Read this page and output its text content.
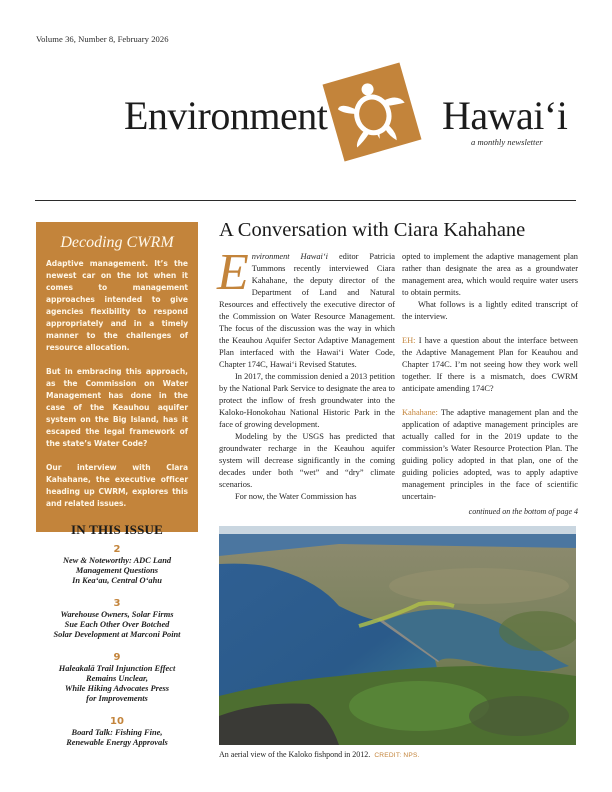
Volume 36, Number 8, February 2026
Environment	Hawaiʻi
a monthly newsletter
Decoding CWRM

Adaptive management. It’s the newest car on the lot when it comes to management approaches intended to give agencies flexibility to respond appropriately and in a timely manner to the challenges of resource allocation.

But in embracing this approach, as the Commission on Water Management has done in the case of the Keauhou aquifer system on the Big Island, has it escaped the legal framework of the state’s Water Code?

Our interview with Clara Kahahane, the executive officer heading up CWRM, explores this and related issues.

IN THIS ISSUE
2
New & Noteworthy: ADC Land
Management Questions
In Keaʻau, Central Oʻahu
3
Warehouse Owners, Solar Firms
Sue Each Other Over Botched
Solar Development at Marconi Point
9
Haleakalā Trail Injunction Effect
Remains Unclear,
While Hiking Advocates Press
for Improvements
10
Board Talk: Fishing Fine,
Renewable Energy Approvals
A Conversation with Ciara Kahahane

Environment Hawaiʻi editor Patricia Tummons recently interviewed Ciara Kahahane, the deputy director of the Department of Land and Natural Resources and effectively the executive director of the Commission on Water Resource Management. The focus of the discussion was the way in which the Keauhou Aquifer Sector Adaptive Management Plan interfaced with the Hawaiʻi Water Code, Chapter 174C, Hawaiʻi Revised Statutes.

In 2017, the commission denied a 2013 petition by the National Park Service to designate the area to protect the inflow of fresh groundwater into the Kaloko-Honokohau National Historic Park in the face of growing development.

Modeling by the USGS has predicted that groundwater recharge in the Keauhou aquifer system will decrease significantly in the coming decades under both “wet” and “dry” climate scenarios.

For now, the Water Commission has

opted to implement the adaptive management plan rather than designate the area as a groundwater management area, which would require water users to obtain permits.

What follows is a lightly edited transcript of the interview.

EH: I have a question about the interface between the Adaptive Management Plan for Keauhou and Chapter 174C. I’m not seeing how they work well together. If there is a mismatch, does CWRM anticipate amending 174C?

Kahahane: The adaptive management plan and the application of adaptive management principles are actually called for in the 2019 update to the commission’s Water Resource Protection Plan. The guiding policy adopted in that plan, one of the guiding policies adopted, was to apply adaptive management principles in the face of scientific uncertain-

continued on the bottom of page 4
An aerial view of the Kaloko fishpond in 2012. CREDIT: NPS.
